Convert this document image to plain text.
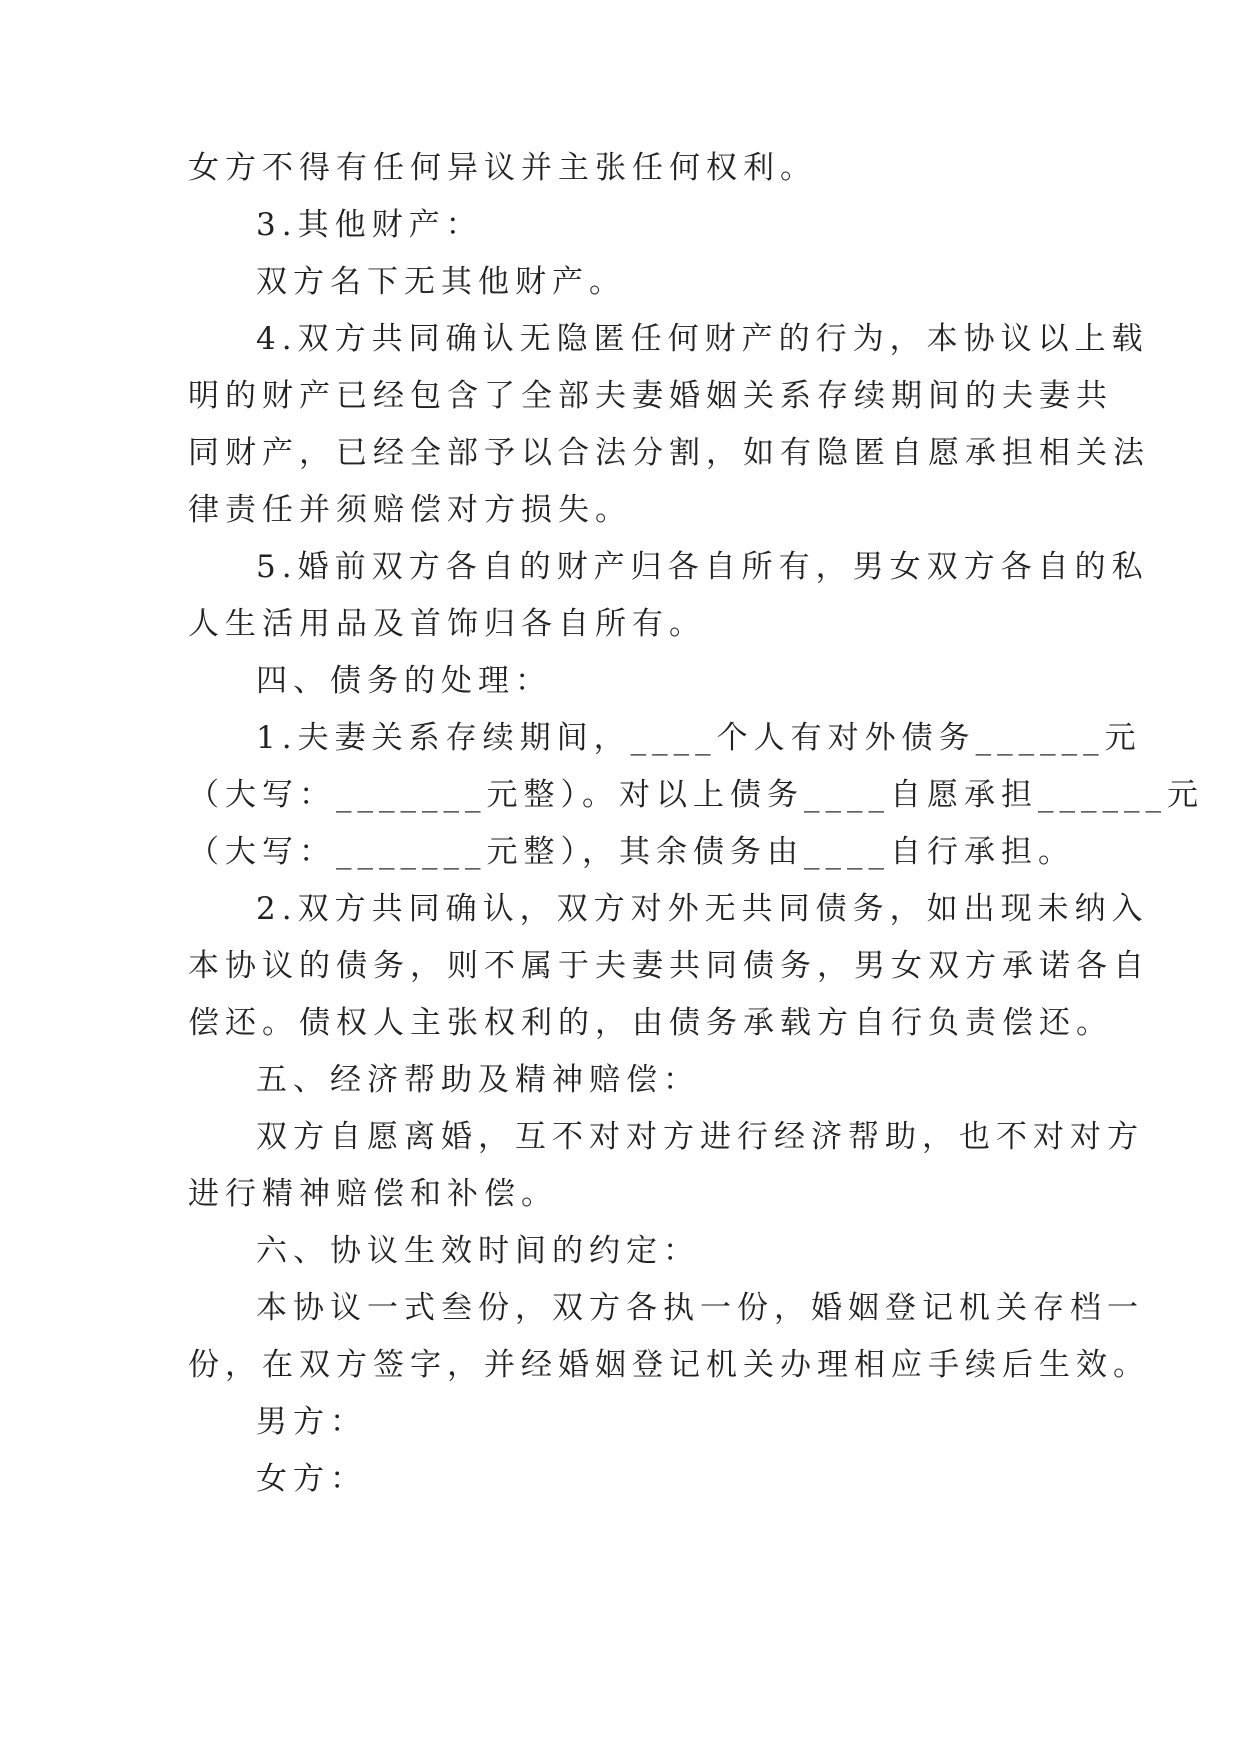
女方不得有任何异议并主张任何权利。
3.其他财产：
双方名下无其他财产。
4.双方共同确认无隐匿任何财产的行为，本协议以上载
明的财产已经包含了全部夫妻婚姻关系存续期间的夫妻共
同财产，已经全部予以合法分割，如有隐匿自愿承担相关法
律责任并须赔偿对方损失。
5.婚前双方各自的财产归各自所有，男女双方各自的私
人生活用品及首饰归各自所有。
四、债务的处理：
1.夫妻关系存续期间，____个人有对外债务______元
（大写：_______元整）。对以上债务____自愿承担______元
（大写：_______元整），其余债务由____自行承担。
2.双方共同确认，双方对外无共同债务，如出现未纳入
本协议的债务，则不属于夫妻共同债务，男女双方承诺各自
偿还。债权人主张权利的，由债务承载方自行负责偿还。
五、经济帮助及精神赔偿：
双方自愿离婚，互不对对方进行经济帮助，也不对对方
进行精神赔偿和补偿。
六、协议生效时间的约定：
本协议一式叁份，双方各执一份，婚姻登记机关存档一
份，在双方签字，并经婚姻登记机关办理相应手续后生效。
男方：
女方：
